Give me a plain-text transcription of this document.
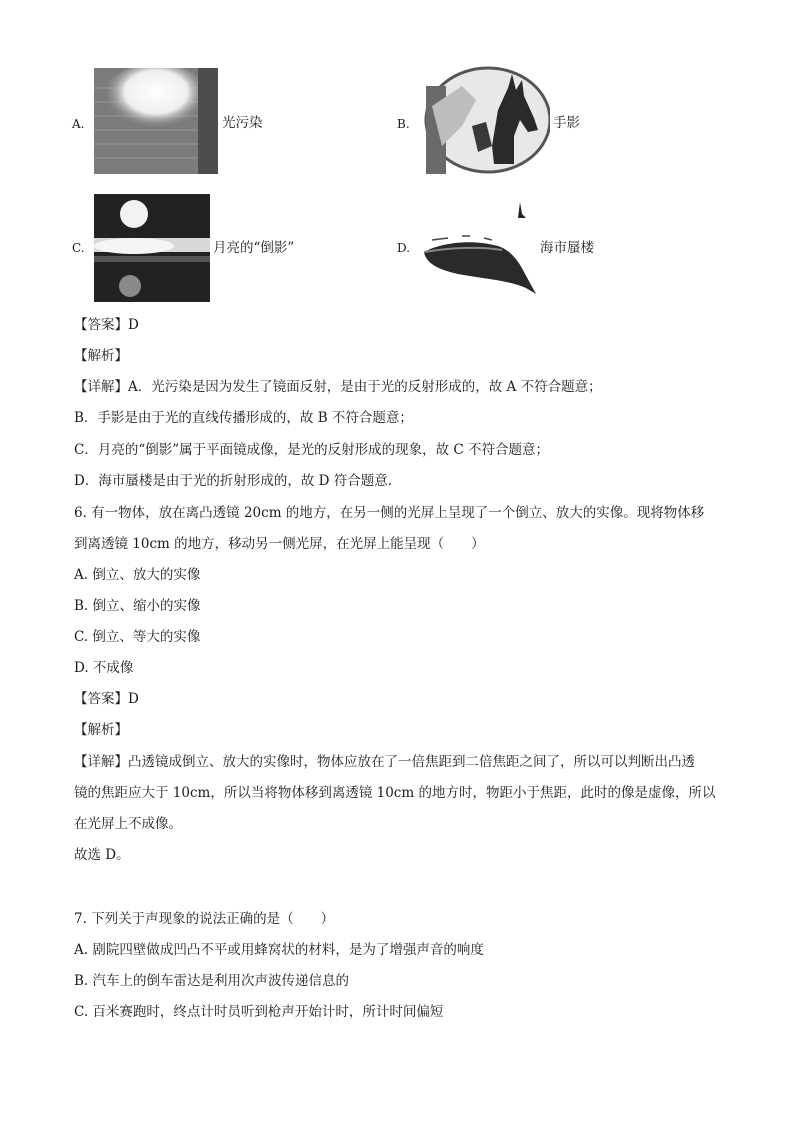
A.	光污染	B.	手影
C.	月亮的“倒影”	D.	海市蜃楼
【答案】D
【解析】
【详解】A．光污染是因为发生了镜面反射，是由于光的反射形成的，故 A 不符合题意；
B．手影是由于光的直线传播形成的，故 B 不符合题意；
C．月亮的“倒影”属于平面镜成像，是光的反射形成的现象，故 C 不符合题意；
D．海市蜃楼是由于光的折射形成的，故 D 符合题意．
6. 有一物体，放在离凸透镜 20cm 的地方，在另一侧的光屏上呈现了一个倒立、放大的实像。现将物体移
到离透镜 10cm 的地方，移动另一侧光屏，在光屏上能呈现（　　）
A. 倒立、放大的实像
B. 倒立、缩小的实像
C. 倒立、等大的实像
D. 不成像
【答案】D
【解析】
【详解】凸透镜成倒立、放大的实像时，物体应放在了一倍焦距到二倍焦距之间了，所以可以判断出凸透
镜的焦距应大于 10cm，所以当将物体移到离透镜 10cm 的地方时，物距小于焦距，此时的像是虚像，所以
在光屏上不成像。
故选 D。
7. 下列关于声现象的说法正确的是（　　）
A. 剧院四壁做成凹凸不平或用蜂窝状的材料，是为了增强声音的响度
B. 汽车上的倒车雷达是利用次声波传递信息的
C. 百米赛跑时，终点计时员听到枪声开始计时，所计时间偏短
